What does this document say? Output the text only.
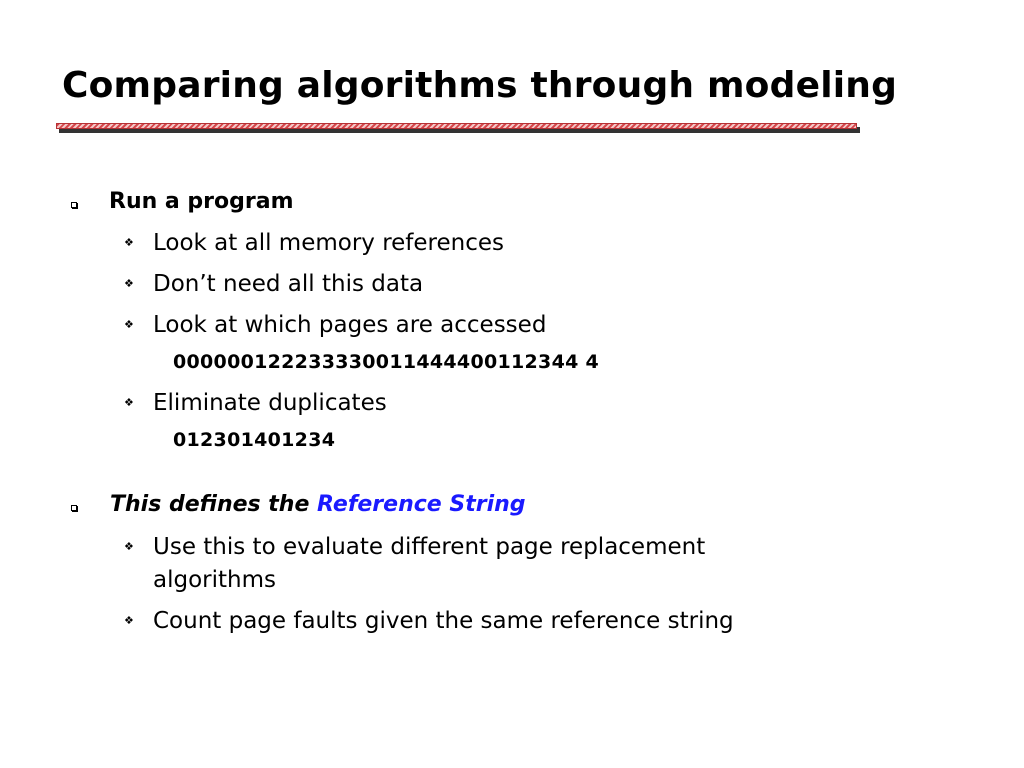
Comparing algorithms through modeling
Run a program
❖ Look at all memory references
❖ Don’t need all this data
❖ Look at which pages are accessed
000000122233330011444400112344 4
❖ Eliminate duplicates
012301401234
This defines the Reference String
❖ Use this to evaluate different page replacement
algorithms
❖ Count page faults given the same reference string
